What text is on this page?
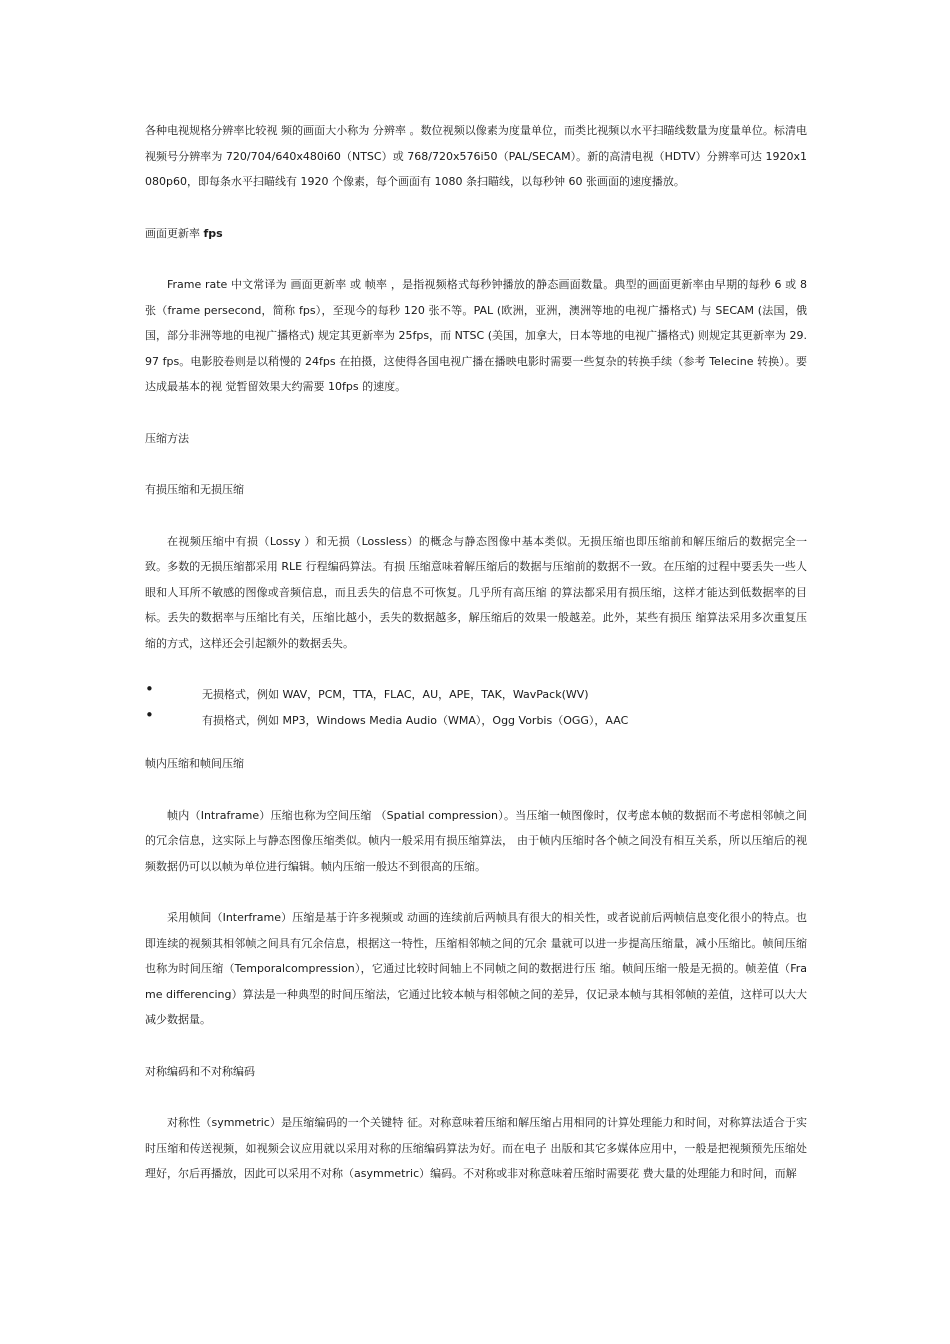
各种电视规格分辨率比较视 频的画面大小称为 分辨率 。数位视频以像素为度量单位，而类比视频以水平扫瞄线数量为度量单位。标清电视频号分辨率为 720/704/640x480i60（NTSC）或 768/720x576i50（PAL/SECAM）。新的高清电视（HDTV）分辨率可达 1920x1080p60，即每条水平扫瞄线有 1920 个像素，每个画面有 1080 条扫瞄线，以每秒钟 60 张画面的速度播放。

画面更新率 fps

Frame rate 中文常译为 画面更新率 或 帧率 ，是指视频格式每秒钟播放的静态画面数量。典型的画面更新率由早期的每秒 6 或 8 张（frame persecond，简称 fps），至现今的每秒 120 张不等。PAL (欧洲，亚洲，澳洲等地的电视广播格式) 与 SECAM (法国，俄国，部分非洲等地的电视广播格式) 规定其更新率为 25fps，而 NTSC (美国，加拿大，日本等地的电视广播格式) 则规定其更新率为 29.97 fps。电影胶卷则是以稍慢的 24fps 在拍摄，这使得各国电视广播在播映电影时需要一些复杂的转换手续（参考 Telecine 转换）。要达成最基本的视 觉暂留效果大约需要 10fps 的速度。

压缩方法

有损压缩和无损压缩

在视频压缩中有损（Lossy ）和无损（Lossless）的概念与静态图像中基本类似。无损压缩也即压缩前和解压缩后的数据完全一致。多数的无损压缩都采用 RLE 行程编码算法。有损 压缩意味着解压缩后的数据与压缩前的数据不一致。在压缩的过程中要丢失一些人眼和人耳所不敏感的图像或音频信息，而且丢失的信息不可恢复。几乎所有高压缩 的算法都采用有损压缩，这样才能达到低数据率的目标。丢失的数据率与压缩比有关，压缩比越小，丢失的数据越多，解压缩后的效果一般越差。此外，某些有损压 缩算法采用多次重复压缩的方式，这样还会引起额外的数据丢失。

•	无损格式，例如 WAV，PCM，TTA，FLAC，AU，APE，TAK，WavPack(WV)
•	有损格式，例如 MP3，Windows Media Audio（WMA），Ogg Vorbis（OGG），AAC

帧内压缩和帧间压缩

帧内（Intraframe）压缩也称为空间压缩 （Spatial compression）。当压缩一帧图像时，仅考虑本帧的数据而不考虑相邻帧之间的冗余信息，这实际上与静态图像压缩类似。帧内一般采用有损压缩算法， 由于帧内压缩时各个帧之间没有相互关系，所以压缩后的视频数据仍可以以帧为单位进行编辑。帧内压缩一般达不到很高的压缩。

采用帧间（Interframe）压缩是基于许多视频或 动画的连续前后两帧具有很大的相关性，或者说前后两帧信息变化很小的特点。也即连续的视频其相邻帧之间具有冗余信息，根据这一特性，压缩相邻帧之间的冗余 量就可以进一步提高压缩量，减小压缩比。帧间压缩也称为时间压缩（Temporalcompression），它通过比较时间轴上不同帧之间的数据进行压 缩。帧间压缩一般是无损的。帧差值（Frame differencing）算法是一种典型的时间压缩法，它通过比较本帧与相邻帧之间的差异，仅记录本帧与其相邻帧的差值，这样可以大大减少数据量。

对称编码和不对称编码

对称性（symmetric）是压缩编码的一个关键特 征。对称意味着压缩和解压缩占用相同的计算处理能力和时间，对称算法适合于实时压缩和传送视频，如视频会议应用就以采用对称的压缩编码算法为好。而在电子 出版和其它多媒体应用中，一般是把视频预先压缩处理好，尔后再播放，因此可以采用不对称（asymmetric）编码。不对称或非对称意味着压缩时需要花 费大量的处理能力和时间，而解
